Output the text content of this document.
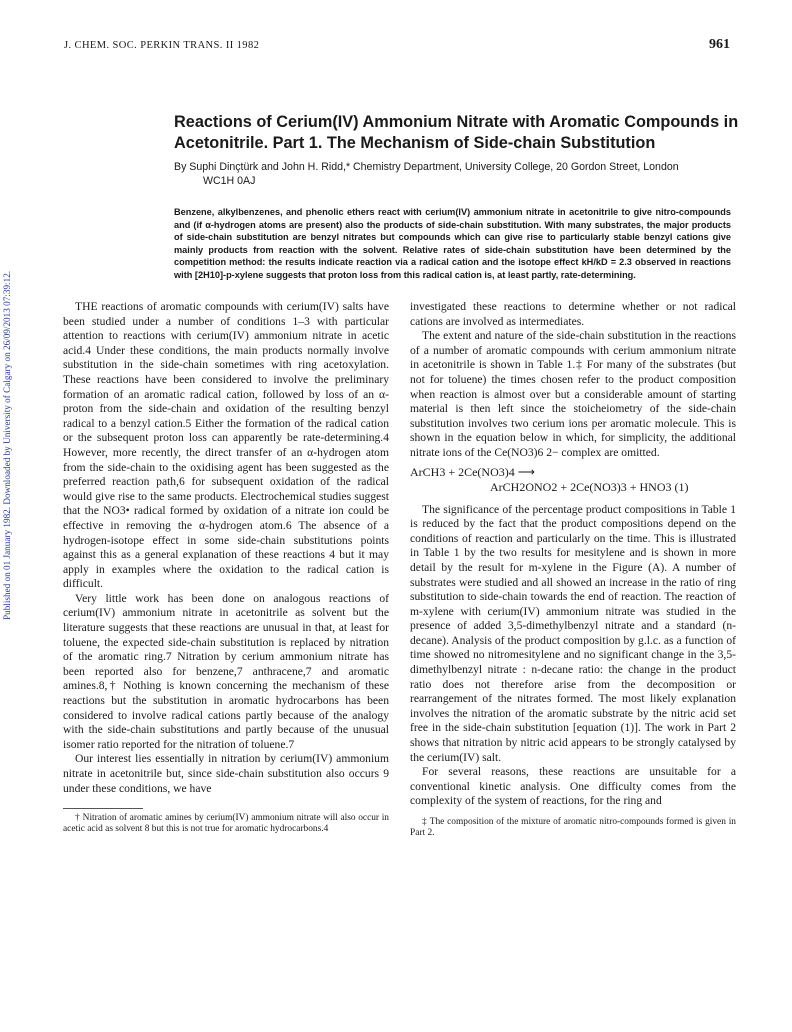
Published on 01 January 1982. Downloaded by University of Calgary on 26/09/2013 07:39:12.
J. CHEM. SOC. PERKIN TRANS. II 1982	961
Reactions of Cerium(IV) Ammonium Nitrate with Aromatic Compounds in Acetonitrile. Part 1. The Mechanism of Side-chain Substitution
By Suphi Dinçtürk and John H. Ridd,* Chemistry Department, University College, 20 Gordon Street, London
WC1H 0AJ

Benzene, alkylbenzenes, and phenolic ethers react with cerium(IV) ammonium nitrate in acetonitrile to give nitro-compounds and (if α-hydrogen atoms are present) also the products of side-chain substitution. With many substrates, the major products of side-chain substitution are benzyl nitrates but compounds which can give rise to particularly stable benzyl cations give mainly products from reaction with the solvent. Relative rates of side-chain substitution have been determined by the competition method: the results indicate reaction via a radical cation and the isotope effect kH/kD = 2.3 observed in reactions with [2H10]-p-xylene suggests that proton loss from this radical cation is, at least partly, rate-determining.

THE reactions of aromatic compounds with cerium(IV) salts have been studied under a number of conditions 1–3 with particular attention to reactions with cerium(IV) ammonium nitrate in acetic acid.4 Under these conditions, the main products normally involve substitution in the side-chain sometimes with ring acetoxylation. These reactions have been considered to involve the preliminary formation of an aromatic radical cation, followed by loss of an α-proton from the side-chain and oxidation of the resulting benzyl radical to a benzyl cation.5 Either the formation of the radical cation or the subsequent proton loss can apparently be rate-determining.4 However, more recently, the direct transfer of an α-hydrogen atom from the side-chain to the oxidising agent has been suggested as the preferred reaction path,6 for subsequent oxidation of the radical would give rise to the same products. Electrochemical studies suggest that the NO3• radical formed by oxidation of a nitrate ion could be effective in removing the α-hydrogen atom.6 The absence of a hydrogen-isotope effect in some side-chain substitutions points against this as a general explanation of these reactions 4 but it may apply in examples where the oxidation to the radical cation is difficult.

Very little work has been done on analogous reactions of cerium(IV) ammonium nitrate in acetonitrile as solvent but the literature suggests that these reactions are unusual in that, at least for toluene, the expected side-chain substitution is replaced by nitration of the aromatic ring.7 Nitration by cerium ammonium nitrate has been reported also for benzene,7 anthracene,7 and aromatic amines.8,† Nothing is known concerning the mechanism of these reactions but the substitution in aromatic hydrocarbons has been considered to involve radical cations partly because of the analogy with the side-chain substitutions and partly because of the unusual isomer ratio reported for the nitration of toluene.7

Our interest lies essentially in nitration by cerium(IV) ammonium nitrate in acetonitrile but, since side-chain substitution also occurs 9 under these conditions, we have

† Nitration of aromatic amines by cerium(IV) ammonium nitrate will also occur in acetic acid as solvent 8 but this is not true for aromatic hydrocarbons.4

investigated these reactions to determine whether or not radical cations are involved as intermediates.

The extent and nature of the side-chain substitution in the reactions of a number of aromatic compounds with cerium ammonium nitrate in acetonitrile is shown in Table 1.‡ For many of the substrates (but not for toluene) the times chosen refer to the product composition when reaction is almost over but a considerable amount of starting material is then left since the stoicheiometry of the side-chain substitution involves two cerium ions per aromatic molecule. This is shown in the equation below in which, for simplicity, the additional nitrate ions of the Ce(NO3)6 2− complex are omitted.

ArCH3 + 2Ce(NO3)4 ⟶
ArCH2ONO2 + 2Ce(NO3)3 + HNO3 (1)

The significance of the percentage product compositions in Table 1 is reduced by the fact that the product compositions depend on the conditions of reaction and particularly on the time. This is illustrated in Table 1 by the two results for mesitylene and is shown in more detail by the result for m-xylene in the Figure (A). A number of substrates were studied and all showed an increase in the ratio of ring substitution to side-chain towards the end of reaction. The reaction of m-xylene with cerium(IV) ammonium nitrate was studied in the presence of added 3,5-dimethylbenzyl nitrate and a standard (n-decane). Analysis of the product composition by g.l.c. as a function of time showed no nitromesitylene and no significant change in the 3,5-dimethylbenzyl nitrate : n-decane ratio: the change in the product ratio does not therefore arise from the decomposition or rearrangement of the nitrates formed. The most likely explanation involves the nitration of the aromatic substrate by the nitric acid set free in the side-chain substitution [equation (1)]. The work in Part 2 shows that nitration by nitric acid appears to be strongly catalysed by the cerium(IV) salt.

For several reasons, these reactions are unsuitable for a conventional kinetic analysis. One difficulty comes from the complexity of the system of reactions, for the ring and

‡ The composition of the mixture of aromatic nitro-compounds formed is given in Part 2.
